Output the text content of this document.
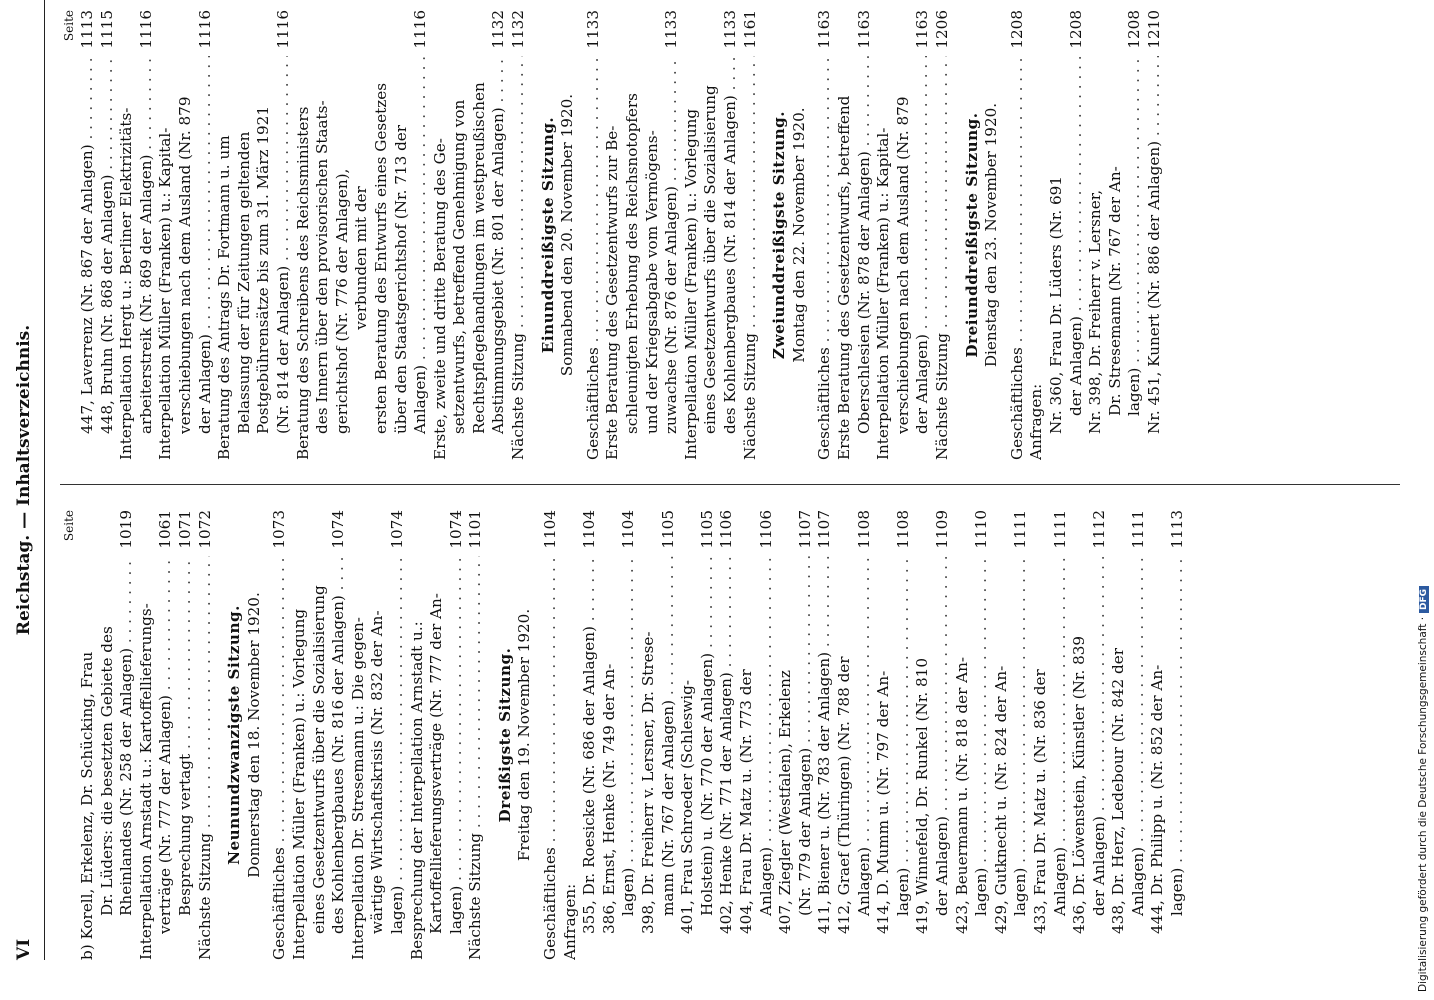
VI
Reichstag. — Inhaltsverzeichnis. Seite
b) Korell, Erkelenz, Dr. Schücking, Frau Dr. Lüders: die besetzten Gebiete des Rheinlandes (Nr. 258 der Anlagen) . . .
1019
Interpellation Arnstadt u.: Kartoffellieferungs- verträge (Nr. 777 der Anlagen) . . .
1061
Besprechung vertagt . . .
1071
Nächste Sitzung . . .
1072
Neunundzwanzigste Sitzung. Donnerstag den 18. November 1920.
Geschäftliches . . .
1073
Interpellation Müller (Franken) u.: Vorlegung eines Gesetzentwurfs über die Sozialisierung des Kohlenbergbaues (Nr. 816 der Anlagen) . . .
1074
Interpellation Dr. Stresemann u.: Die gegen- wärtige Wirtschaftskrisis (Nr. 832 der An- lagen) . . .
1074
Besprechung der Interpellation Arnstadt u.: Kartoffellieferungsverträge (Nr. 777 der An- lagen) . . .
1074
Nächste Sitzung . . .
1101
Dreißigste Sitzung. Freitag den 19. November 1920.
Geschäftliches . . .
1104
Anfragen: 355, Dr. Roesicke (Nr. 686 der Anlagen) . . .
1104
386, Ernst, Henke (Nr. 749 der An- lagen) . . .
1104
398, Dr. Freiherr v. Lersner, Dr. Strese- mann (Nr. 767 der Anlagen) . . .
1105
401, Frau Schroeder (Schleswig- Holstein) u. (Nr. 770 der Anlagen) . . .
1105
402, Henke (Nr. 771 der Anlagen) . . .
1106
404, Frau Dr. Matz u. (Nr. 773 der Anlagen) . . .
1106
407, Ziegler (Westfalen), Erkelenz (Nr. 779 der Anlagen) . . .
1107
411, Biener u. (Nr. 783 der Anlagen) . . .
1107
412, Graef (Thüringen) (Nr. 788 der Anlagen) . . .
1108
414, D. Mumm u. (Nr. 797 der An- lagen) . . .
1108
419, Winnefeld, Dr. Runkel (Nr. 810 der Anlagen) . . .
1109
423, Beuermann u. (Nr. 818 der An- lagen) . . .
1110
429, Gutknecht u. (Nr. 824 der An- lagen) . . .
1111
433, Frau Dr. Matz u. (Nr. 836 der Anlagen) . . .
1111
436, Dr. Löwenstein, Künstler (Nr. 839 der Anlagen) . . .
1112
438, Dr. Herz, Ledebour (Nr. 842 der Anlagen) . . .
1111
444, Dr. Philipp u. (Nr. 852 der An- lagen) . . .
1113
Seite
447, Laverrenz (Nr. 867 der Anlagen) . . .
1113
448, Bruhn (Nr. 868 der Anlagen) . . .
1115
Interpellation Hergt u.: Berliner Elektrizitäts- arbeiterstreik (Nr. 869 der Anlagen) . . .
1116
Interpellation Müller (Franken) u.: Kapital- verschiebungen nach dem Ausland (Nr. 879 der Anlagen) . . .
1116
Beratung des Antrags Dr. Fortmann u. um Belassung der für Zeitungen geltenden Postgebührensätze bis zum 31. März 1921 (Nr. 814 der Anlagen) . . .
1116
Beratung des Schreibens des Reichsministers des Innern über den provisorischen Staats- gerichtshof (Nr. 776 der Anlagen), verbunden mit der ersten Beratung des Entwurfs eines Gesetzes über den Staatsgerichtshof (Nr. 713 der Anlagen) . . .
1116
Erste, zweite und dritte Beratung des Ge- setzentwurfs, betreffend Genehmigung von Rechtspflegehandlungen im westpreußischen Abstimmungsgebiet (Nr. 801 der Anlagen) . . .
1132
Nächste Sitzung . . .
1132
Einunddreißigste Sitzung. Sonnabend den 20. November 1920.
Geschäftliches . . .
1133
Erste Beratung des Gesetzentwurfs zur Be- schleunigten Erhebung des Reichsnotopfers und der Kriegsabgabe vom Vermögens- zuwachse (Nr. 876 der Anlagen) . . .
1133
Interpellation Müller (Franken) u.: Vorlegung eines Gesetzentwurfs über die Sozialisierung des Kohlenbergbaues (Nr. 814 der Anlagen) . . .
1133
Nächste Sitzung . . .
1161
Zweiunddreißigste Sitzung. Montag den 22. November 1920.
Geschäftliches . . .
1163
Erste Beratung des Gesetzentwurfs, betreffend Oberschlesien (Nr. 878 der Anlagen) . . .
1163
Interpellation Müller (Franken) u.: Kapital- verschiebungen nach dem Ausland (Nr. 879 der Anlagen) . . .
1163
Nächste Sitzung . . .
1206
Dreiunddreißigste Sitzung. Dienstag den 23. November 1920.
Geschäftliches . . .
1208
Anfragen: Nr. 360, Frau Dr. Lüders (Nr. 691 der Anlagen) . . .
1208
Nr. 398, Dr. Freiherr v. Lersner, Dr. Stresemann (Nr. 767 der An- lagen) . . .
1208
Nr. 451, Kunert (Nr. 886 der Anlagen) . . .
1210
Digitalisierung gefördert durch die Deutsche Forschungsgemeinschaft ·DFG
